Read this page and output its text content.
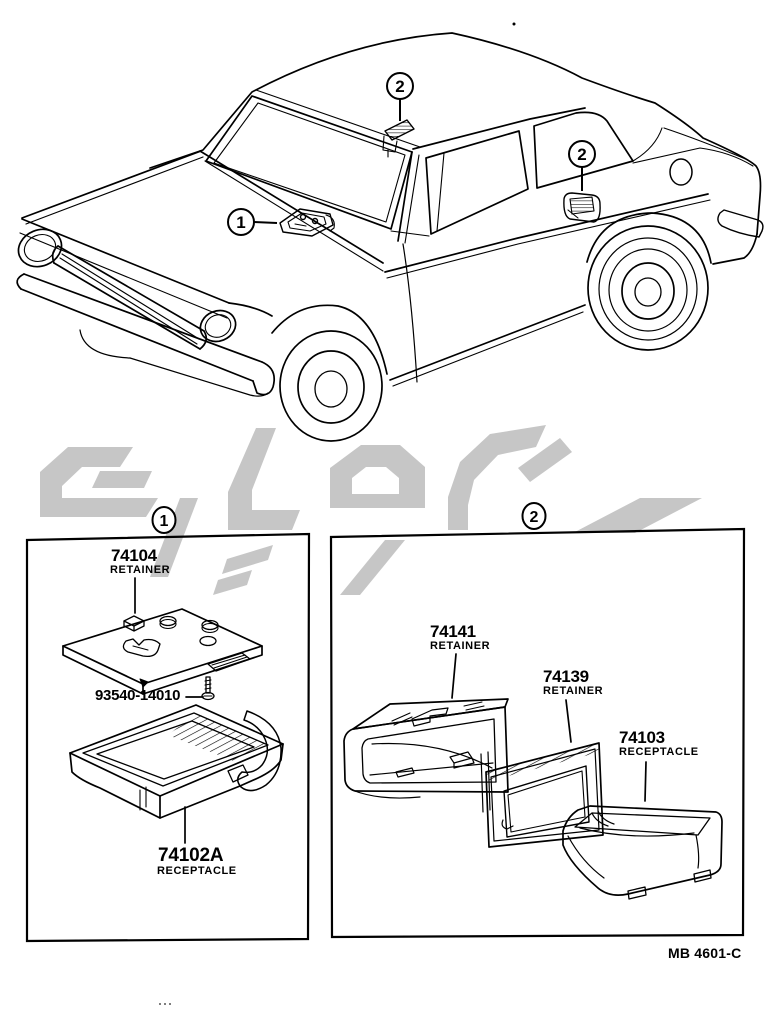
1
2
2
1	2
74104
RETAINER
93540-14010
74102A
RECEPTACLE
74141
RETAINER
74139
RETAINER
74103
RECEPTACLE
MB 4601-C
